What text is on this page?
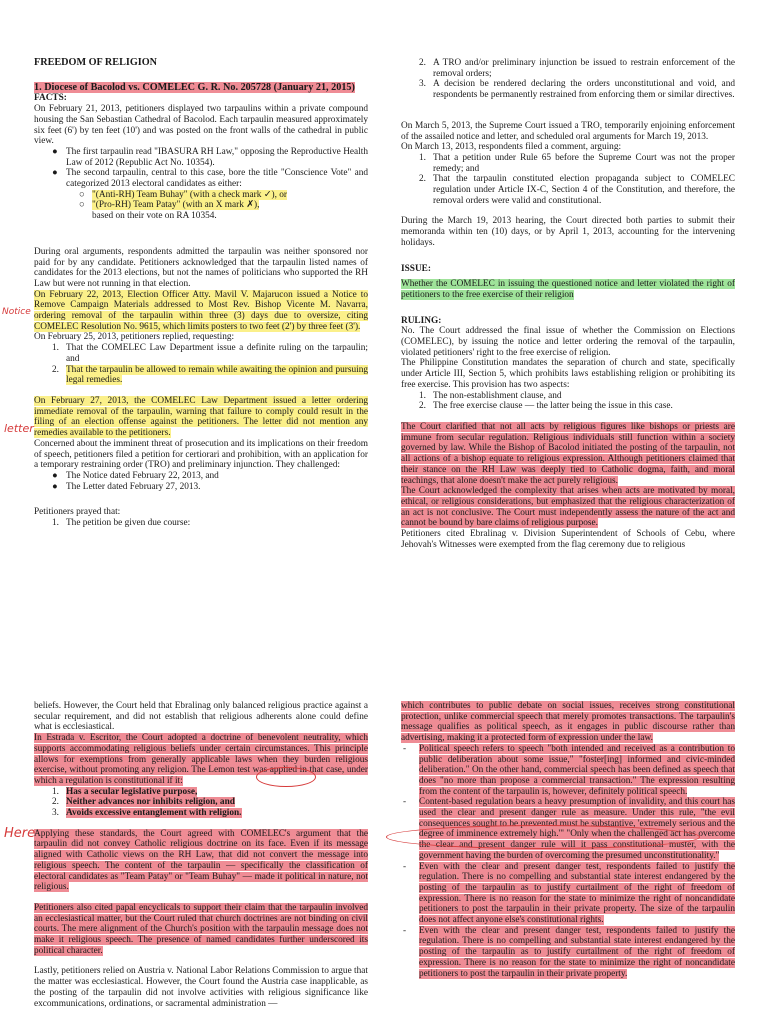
FREEDOM OF RELIGION

1. Diocese of Bacolod vs. COMELEC G. R. No. 205728 (January 21, 2015)

FACTS:

On February 21, 2013, petitioners displayed two tarpaulins within a private compound housing the San Sebastian Cathedral of Bacolod. Each tarpaulin measured approximately six feet (6') by ten feet (10') and was posted on the front walls of the cathedral in public view.

● The first tarpaulin read "IBASURA RH Law," opposing the Reproductive Health Law of 2012 (Republic Act No. 10354).
● The second tarpaulin, central to this case, bore the title "Conscience Vote" and categorized 2013 electoral candidates as either:
○ "(Anti-RH) Team Buhay" (with a check mark ✓), or
○ "(Pro-RH) Team Patay" (with an X mark ✗),
based on their vote on RA 10354.

During oral arguments, respondents admitted the tarpaulin was neither sponsored nor paid for by any candidate. Petitioners acknowledged that the tarpaulin listed names of candidates for the 2013 elections, but not the names of politicians who supported the RH Law but were not running in that election.

On February 22, 2013, Election Officer Atty. Mavil V. Majarucon issued a Notice to Remove Campaign Materials addressed to Most Rev. Bishop Vicente M. Navarra, ordering removal of the tarpaulin within three (3) days due to oversize, citing COMELEC Resolution No. 9615, which limits posters to two feet (2') by three feet (3').

On February 25, 2013, petitioners replied, requesting:

1. That the COMELEC Law Department issue a definite ruling on the tarpaulin; and
2. That the tarpaulin be allowed to remain while awaiting the opinion and pursuing legal remedies.

On February 27, 2013, the COMELEC Law Department issued a letter ordering immediate removal of the tarpaulin, warning that failure to comply could result in the filing of an election offense against the petitioners. The letter did not mention any remedies available to the petitioners.

Concerned about the imminent threat of prosecution and its implications on their freedom of speech, petitioners filed a petition for certiorari and prohibition, with an application for a temporary restraining order (TRO) and preliminary injunction. They challenged:

● The Notice dated February 22, 2013, and
● The Letter dated February 27, 2013.

Petitioners prayed that:

1. The petition be given due course:
Notice
letter
2. A TRO and/or preliminary injunction be issued to restrain enforcement of the removal orders;
3. A decision be rendered declaring the orders unconstitutional and void, and respondents be permanently restrained from enforcing them or similar directives.

On March 5, 2013, the Supreme Court issued a TRO, temporarily enjoining enforcement of the assailed notice and letter, and scheduled oral arguments for March 19, 2013.

On March 13, 2013, respondents filed a comment, arguing:

1. That a petition under Rule 65 before the Supreme Court was not the proper remedy; and
2. That the tarpaulin constituted election propaganda subject to COMELEC regulation under Article IX-C, Section 4 of the Constitution, and therefore, the removal orders were valid and constitutional.

During the March 19, 2013 hearing, the Court directed both parties to submit their memoranda within ten (10) days, or by April 1, 2013, accounting for the intervening holidays.

ISSUE:

Whether the COMELEC in issuing the questioned notice and letter violated the right of petitioners to the free exercise of their religion

RULING:

No. The Court addressed the final issue of whether the Commission on Elections (COMELEC), by issuing the notice and letter ordering the removal of the tarpaulin, violated petitioners' right to the free exercise of religion.

The Philippine Constitution mandates the separation of church and state, specifically under Article III, Section 5, which prohibits laws establishing religion or prohibiting its free exercise. This provision has two aspects:

1. The non-establishment clause, and
2. The free exercise clause — the latter being the issue in this case.

The Court clarified that not all acts by religious figures like bishops or priests are immune from secular regulation. Religious individuals still function within a society governed by law. While the Bishop of Bacolod initiated the posting of the tarpaulin, not all actions of a bishop equate to religious expression. Although petitioners claimed that their stance on the RH Law was deeply tied to Catholic dogma, faith, and moral teachings, that alone doesn't make the act purely religious.

The Court acknowledged the complexity that arises when acts are motivated by moral, ethical, or religious considerations, but emphasized that the religious characterization of an act is not conclusive. The Court must independently assess the nature of the act and cannot be bound by bare claims of religious purpose.

Petitioners cited Ebralinag v. Division Superintendent of Schools of Cebu, where Jehovah's Witnesses were exempted from the flag ceremony due to religious

beliefs. However, the Court held that Ebralinag only balanced religious practice against a secular requirement, and did not establish that religious adherents alone could define what is ecclesiastical.

In Estrada v. Escritor, the Court adopted a doctrine of benevolent neutrality, which supports accommodating religious beliefs under certain circumstances. This principle allows for exemptions from generally applicable laws when they burden religious exercise, without promoting any religion. The Lemon test was applied in that case, under which a regulation is constitutional if it:

1. Has a secular legislative purpose,
2. Neither advances nor inhibits religion, and
3. Avoids excessive entanglement with religion.

Applying these standards, the Court agreed with COMELEC's argument that the tarpaulin did not convey Catholic religious doctrine on its face. Even if its message aligned with Catholic views on the RH Law, that did not convert the message into religious speech. The content of the tarpaulin — specifically the classification of electoral candidates as "Team Patay" or "Team Buhay" — made it political in nature, not religious.

Petitioners also cited papal encyclicals to support their claim that the tarpaulin involved an ecclesiastical matter, but the Court ruled that church doctrines are not binding on civil courts. The mere alignment of the Church's position with the tarpaulin message does not make it religious speech. The presence of named candidates further underscored its political character.

Lastly, petitioners relied on Austria v. National Labor Relations Commission to argue that the matter was ecclesiastical. However, the Court found the Austria case inapplicable, as the posting of the tarpaulin did not involve activities with religious significance like excommunications, ordinations, or sacramental administration —

Here

which contributes to public debate on social issues, receives strong constitutional protection, unlike commercial speech that merely promotes transactions. The tarpaulin's message qualifies as political speech, as it engages in public discourse rather than advertising, making it a protected form of expression under the law.

- Political speech refers to speech "both intended and received as a contribution to public deliberation about some issue," "foster[ing] informed and civic-minded deliberation." On the other hand, commercial speech has been defined as speech that does "no more than propose a commercial transaction." The expression resulting from the content of the tarpaulin is, however, definitely political speech.
- Content-based regulation bears a heavy presumption of invalidity, and this court has used the clear and present danger rule as measure. Under this rule, "the evil consequences sought to be prevented must be substantive, 'extremely serious and the degree of imminence extremely high.'" "Only when the challenged act has overcome the clear and present danger rule will it pass constitutional muster, with the government having the burden of overcoming the presumed unconstitutionality."
- Even with the clear and present danger test, respondents failed to justify the regulation. There is no compelling and substantial state interest endangered by the posting of the tarpaulin as to justify curtailment of the right of freedom of expression. There is no reason for the state to minimize the right of noncandidate petitioners to post the tarpaulin in their private property. The size of the tarpaulin does not affect anyone else's constitutional rights.
- Even with the clear and present danger test, respondents failed to justify the regulation. There is no compelling and substantial state interest endangered by the posting of the tarpaulin as to justify curtailment of the right of freedom of expression. There is no reason for the state to minimize the right of noncandidate petitioners to post the tarpaulin in their private property.
